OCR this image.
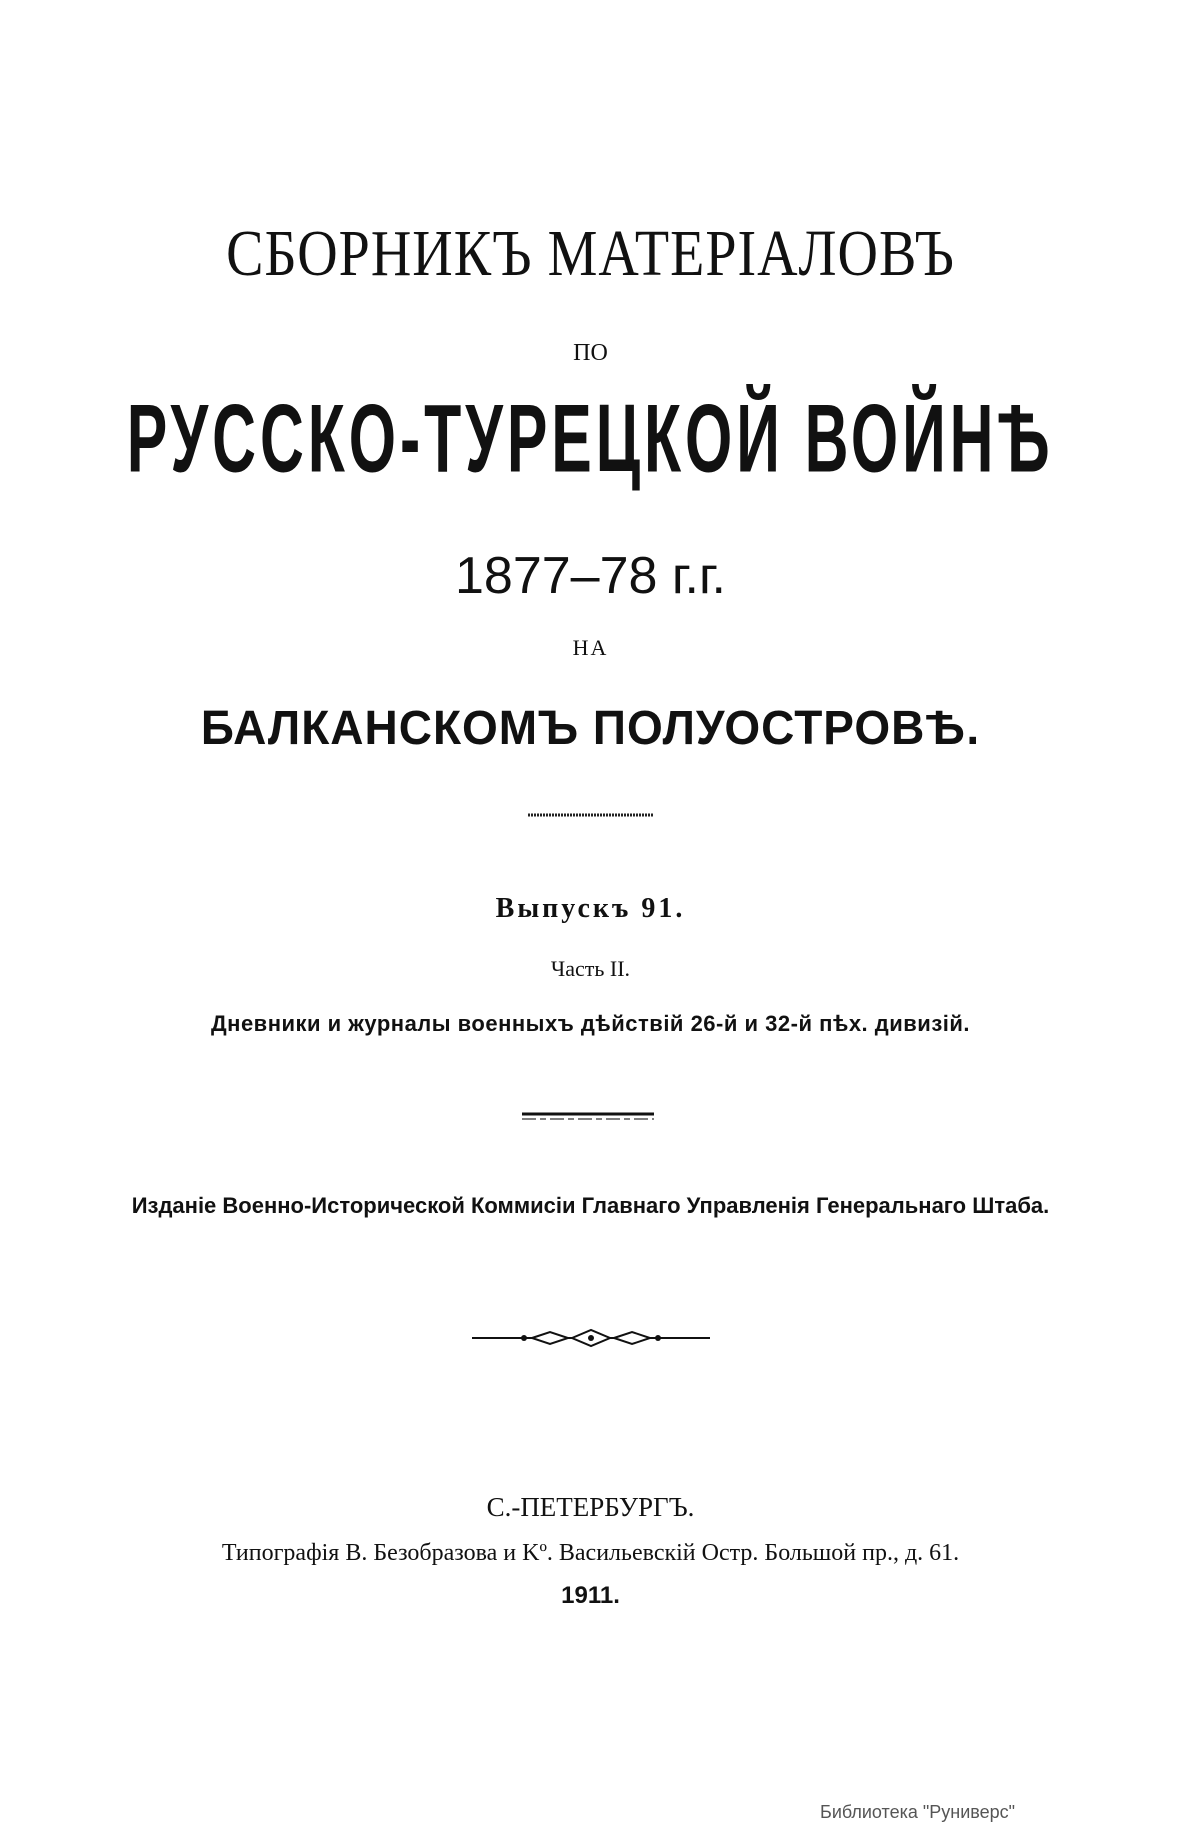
СБОРНИКЪ МАТЕРІАЛОВЪ
ПО
РУССКО-ТУРЕЦКОЙ ВОЙНѢ
1877–78 г.г.
НА
БАЛКАНСКОМЪ ПОЛУОСТРОВѢ.
Выпускъ 91.
Часть II.
Дневники и журналы военныхъ дѣйствій 26-й и 32-й пѣх. дивизій.
Изданіе Военно-Исторической Коммисіи Главнаго Управленія Генеральнаго Штаба.
С.-ПЕТЕРБУРГЪ.
Типографія В. Безобразова и Kº. Васильевскій Остр. Большой пр., д. 61.
1911.
Библиотека "Руниверс"
